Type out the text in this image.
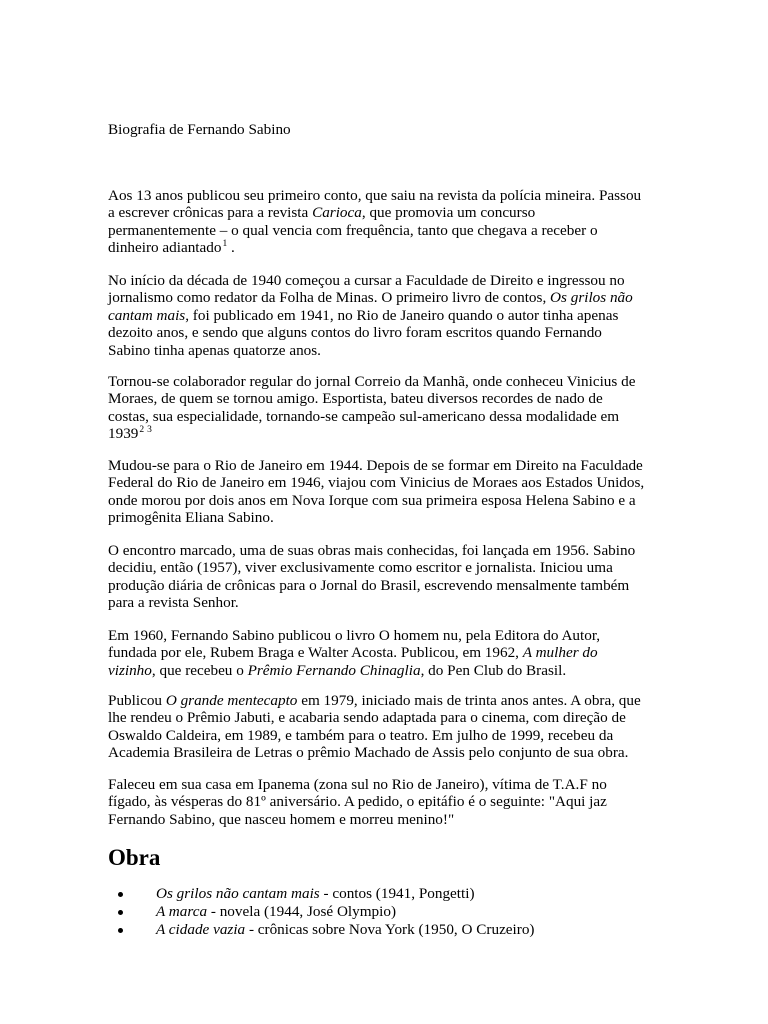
Biografia de Fernando Sabino

Aos 13 anos publicou seu primeiro conto, que saiu na revista da polícia mineira. Passou
a escrever crônicas para a revista Carioca, que promovia um concurso
permanentemente – o qual vencia com frequência, tanto que chegava a receber o
dinheiro adiantado$^1$ .
No início da década de 1940 começou a cursar a Faculdade de Direito e ingressou no
jornalismo como redator da Folha de Minas. O primeiro livro de contos, Os grilos não
cantam mais, foi publicado em 1941, no Rio de Janeiro quando o autor tinha apenas
dezoito anos, e sendo que alguns contos do livro foram escritos quando Fernando
Sabino tinha apenas quatorze anos.
Tornou-se colaborador regular do jornal Correio da Manhã, onde conheceu Vinicius de
Moraes, de quem se tornou amigo. Esportista, bateu diversos recordes de nado de
costas, sua especialidade, tornando-se campeão sul-americano dessa modalidade em
1939$^2$ $^3$
Mudou-se para o Rio de Janeiro em 1944. Depois de se formar em Direito na Faculdade
Federal do Rio de Janeiro em 1946, viajou com Vinicius de Moraes aos Estados Unidos,
onde morou por dois anos em Nova Iorque com sua primeira esposa Helena Sabino e a
primogênita Eliana Sabino.
O encontro marcado, uma de suas obras mais conhecidas, foi lançada em 1956. Sabino
decidiu, então (1957), viver exclusivamente como escritor e jornalista. Iniciou uma
produção diária de crônicas para o Jornal do Brasil, escrevendo mensalmente também
para a revista Senhor.
Em 1960, Fernando Sabino publicou o livro O homem nu, pela Editora do Autor,
fundada por ele, Rubem Braga e Walter Acosta. Publicou, em 1962, A mulher do
vizinho, que recebeu o Prêmio Fernando Chinaglia, do Pen Club do Brasil.
Publicou O grande mentecapto em 1979, iniciado mais de trinta anos antes. A obra, que
lhe rendeu o Prêmio Jabuti, e acabaria sendo adaptada para o cinema, com direção de
Oswaldo Caldeira, em 1989, e também para o teatro. Em julho de 1999, recebeu da
Academia Brasileira de Letras o prêmio Machado de Assis pelo conjunto de sua obra.
Faleceu em sua casa em Ipanema (zona sul no Rio de Janeiro), vítima de T.A.F no
fígado, às vésperas do 81º aniversário. A pedido, o epitáfio é o seguinte: "Aqui jaz
Fernando Sabino, que nasceu homem e morreu menino!"
Obra
Os grilos não cantam mais - contos (1941, Pongetti)
A marca - novela (1944, José Olympio)
A cidade vazia - crônicas sobre Nova York (1950, O Cruzeiro)
